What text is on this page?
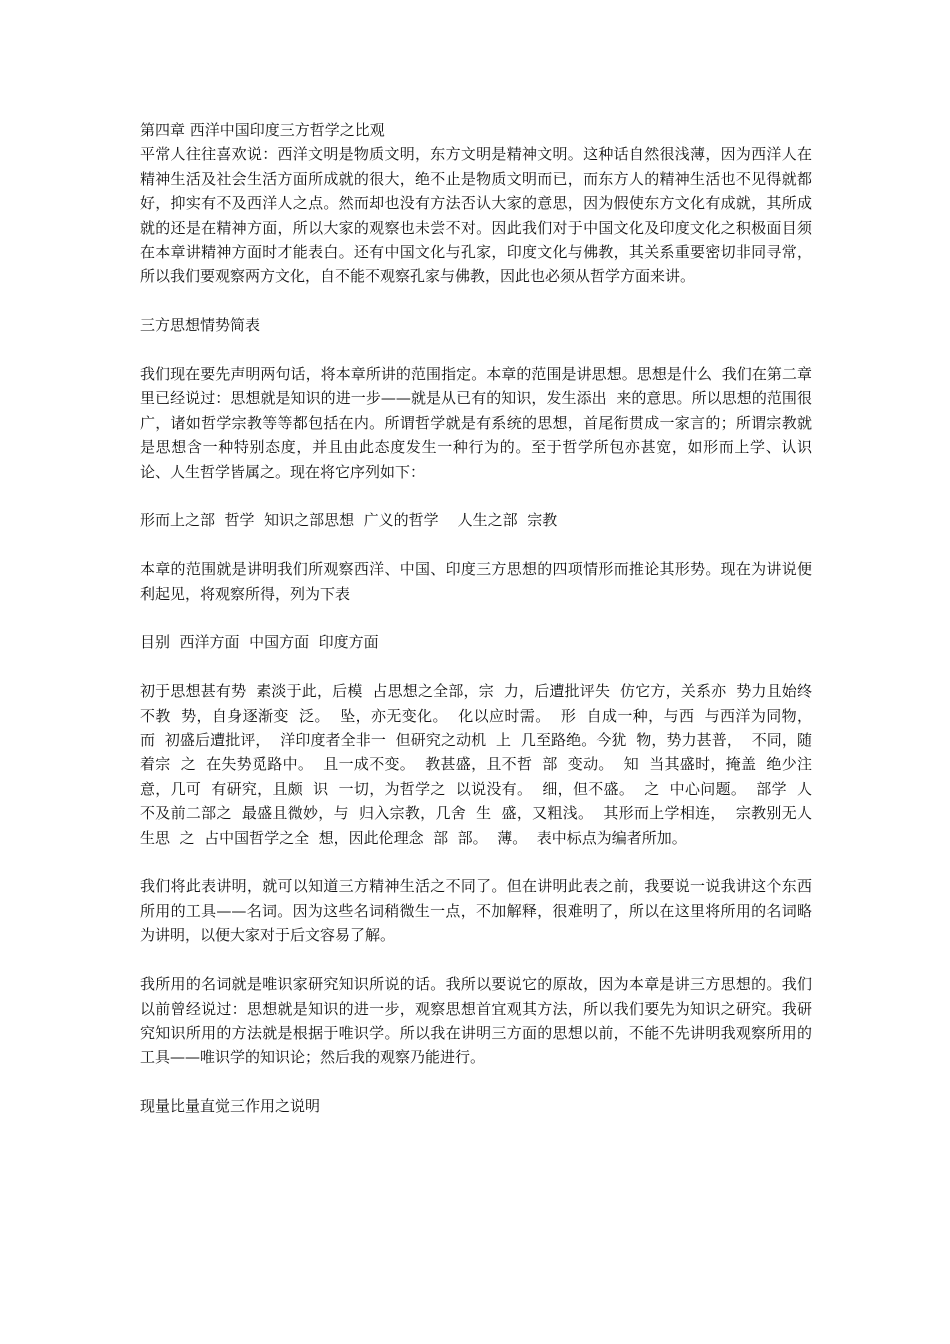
第四章 西洋中国印度三方哲学之比观

平常人往往喜欢说：西洋文明是物质文明，东方文明是精神文明。这种话自然很浅薄，因为西洋人在精神生活及社会生活方面所成就的很大，绝不止是物质文明而已，而东方人的精神生活也不见得就都好，抑实有不及西洋人之点。然而却也没有方法否认大家的意思，因为假使东方文化有成就，其所成就的还是在精神方面，所以大家的观察也未尝不对。因此我们对于中国文化及印度文化之积极面目须在本章讲精神方面时才能表白。还有中国文化与孔家，印度文化与佛教，其关系重要密切非同寻常，所以我们要观察两方文化，自不能不观察孔家与佛教，因此也必须从哲学方面来讲。

三方思想情势简表

我们现在要先声明两句话，将本章所讲的范围指定。本章的范围是讲思想。思想是什么  我们在第二章里已经说过：思想就是知识的进一步——就是从已有的知识，发生添出  来的意思。所以思想的范围很广，诸如哲学宗教等等都包括在内。所谓哲学就是有系统的思想，首尾衔贯成一家言的；所谓宗教就是思想含一种特别态度，并且由此态度发生一种行为的。至于哲学所包亦甚宽，如形而上学、认识论、人生哲学皆属之。现在将它序列如下：

形而上之部  哲学  知识之部思想  广义的哲学    人生之部  宗教

本章的范围就是讲明我们所观察西洋、中国、印度三方思想的四项情形而推论其形势。现在为讲说便利起见，将观察所得，列为下表

目别  西洋方面  中国方面  印度方面

初于思想甚有势  素淡于此，后模  占思想之全部，宗  力，后遭批评失  仿它方，关系亦  势力且始终不教  势，自身逐渐变  泛。  坠，亦无变化。  化以应时需。  形  自成一种，与西  与西洋为同物，  而  初盛后遭批评，  洋印度者全非一  但研究之动机  上  几至路绝。今犹  物，势力甚普，  不同，随着宗  之  在失势觅路中。  且一成不变。  教甚盛，且不哲  部  变动。  知  当其盛时，掩盖  绝少注意，几可  有研究，且颇  识  一切，为哲学之  以说没有。  细，但不盛。  之  中心问题。  部学  人  不及前二部之  最盛且微妙，与  归入宗教，几舍  生  盛，又粗浅。  其形而上学相连，  宗教别无人生思  之  占中国哲学之全  想，因此伦理念  部  部。  薄。  表中标点为编者所加。

我们将此表讲明，就可以知道三方精神生活之不同了。但在讲明此表之前，我要说一说我讲这个东西所用的工具——名词。因为这些名词稍微生一点，不加解释，很难明了，所以在这里将所用的名词略为讲明，以便大家对于后文容易了解。

我所用的名词就是唯识家研究知识所说的话。我所以要说它的原故，因为本章是讲三方思想的。我们以前曾经说过：思想就是知识的进一步，观察思想首宜观其方法，所以我们要先为知识之研究。我研究知识所用的方法就是根据于唯识学。所以我在讲明三方面的思想以前，不能不先讲明我观察所用的工具——唯识学的知识论；然后我的观察乃能进行。

现量比量直觉三作用之说明
